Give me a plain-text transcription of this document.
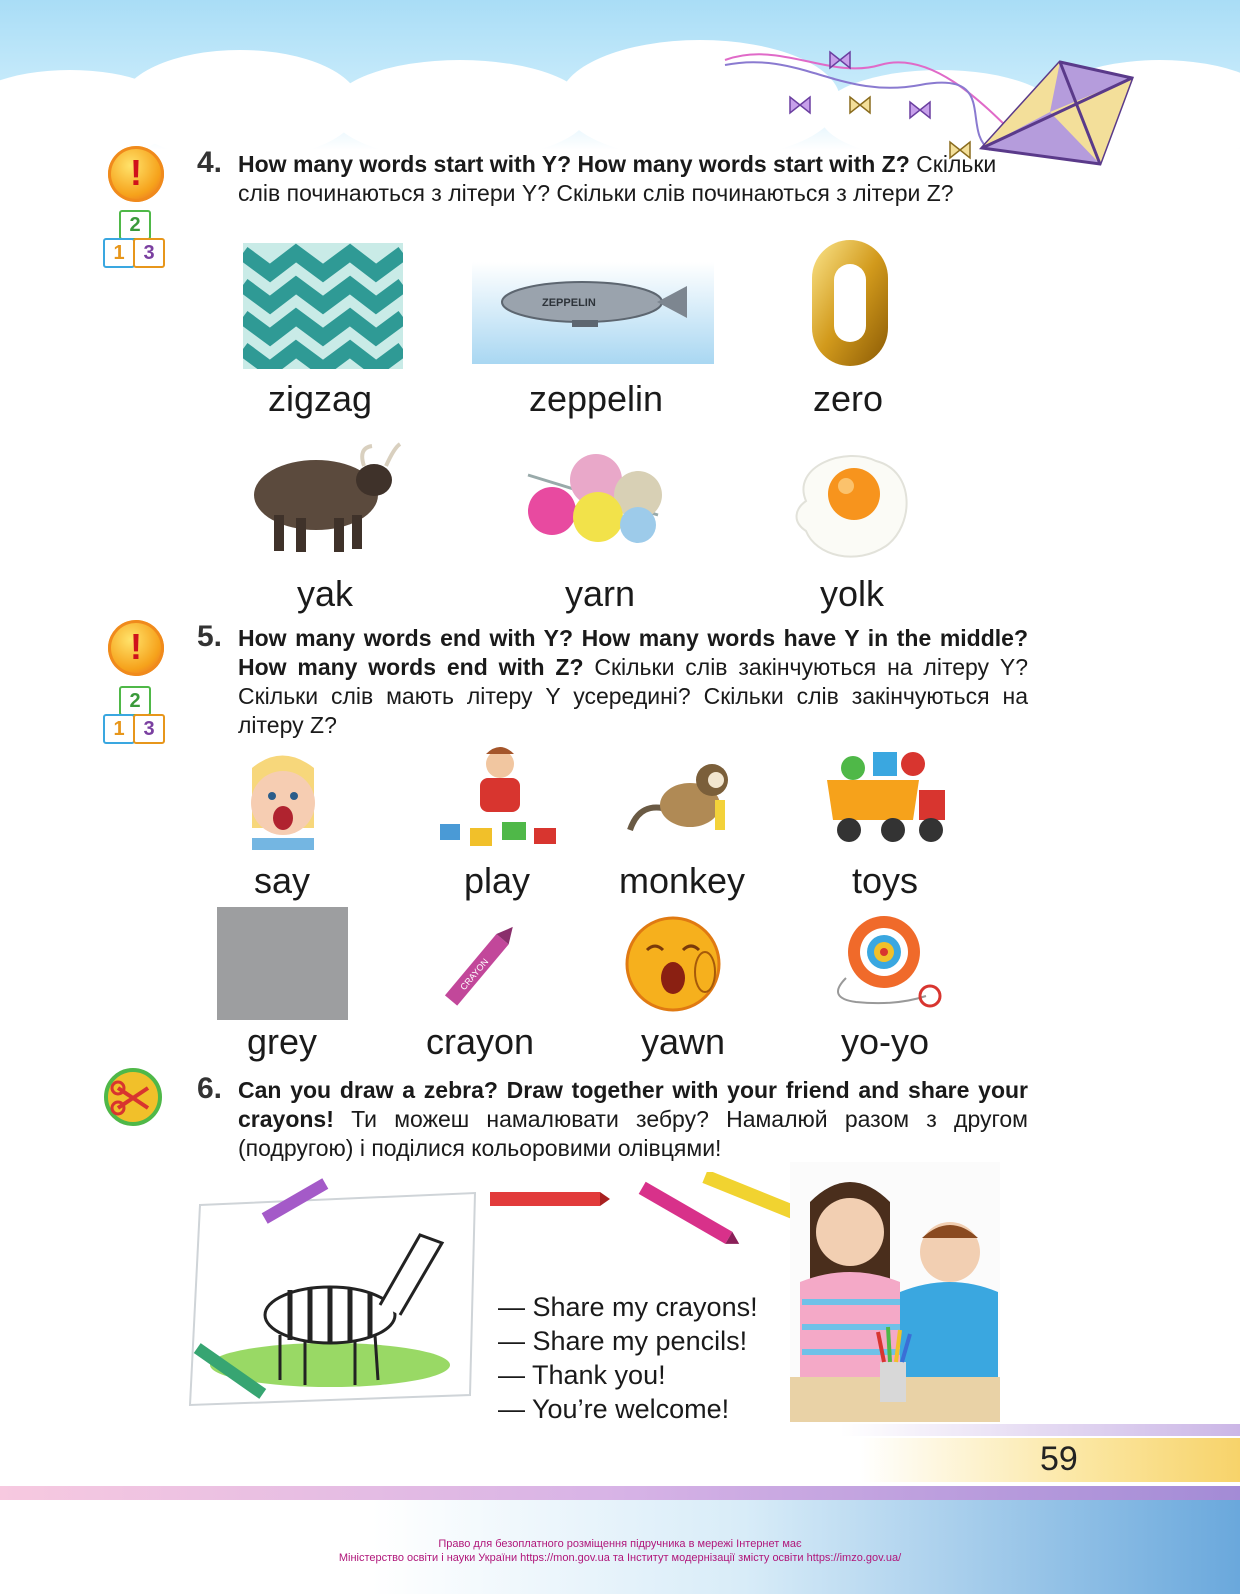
!
2
1 3
4. How many words start with Y? How many words start with Z? Скільки слів починаються з літери Y? Скільки слів починаються з літери Z?
zigzag
ZEPPELIN
zeppelin	zero
yak	yarn	yolk
!
2
1 3
5. How many words end with Y? How many words have Y in the middle? How many words end with Z? Скільки слів закінчуються на літеру Y? Скільки слів мають літеру Y усередині? Скільки слів закінчуються на літеру Z?
say	play	monkey	toys
grey
CRAYON
crayon	yawn	yo-yo
6. Can you draw a zebra? Draw together with your friend and share your crayons! Ти можеш намалювати зебру? Намалюй разом з другом (подругою) і поділися кольоровими олівцями!
— Share my crayons!
— Share my pencils!
— Thank you!
— You’re welcome!
59
Право для безоплатного розміщення підручника в мережі Інтернет має
Міністерство освіти і науки України https://mon.gov.ua та Інститут модернізації змісту освіти https://imzo.gov.ua/
